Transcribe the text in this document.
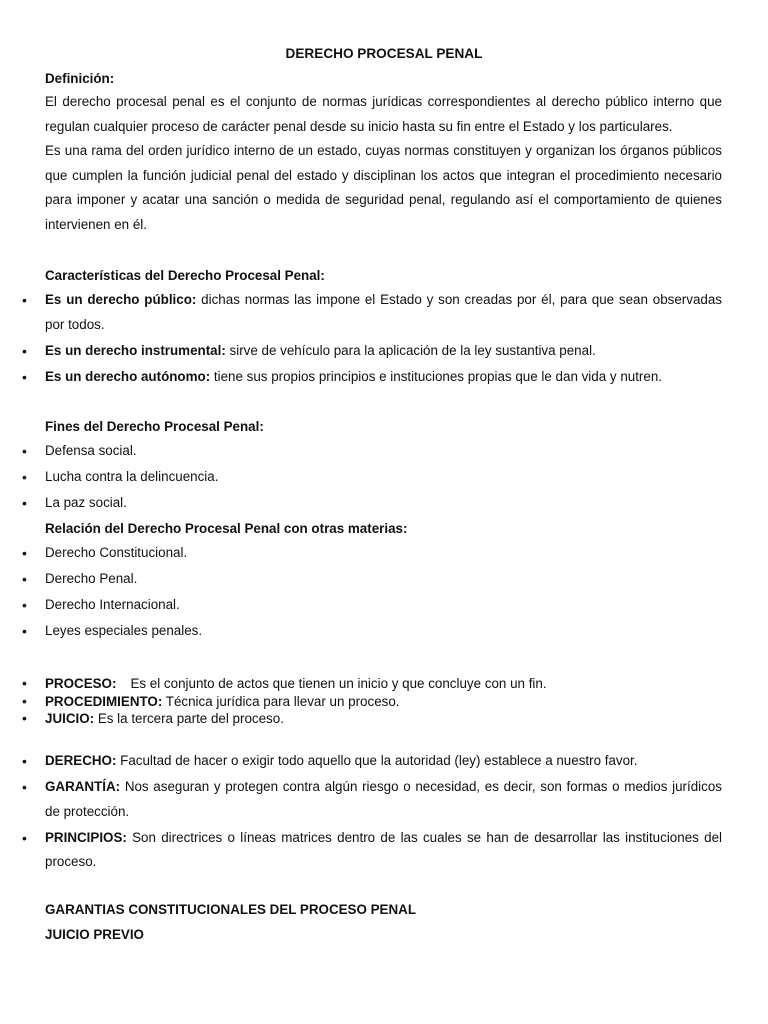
DERECHO PROCESAL PENAL
Definición:
El derecho procesal penal es el conjunto de normas jurídicas correspondientes al derecho público interno que regulan cualquier proceso de carácter penal desde su inicio hasta su fin entre el Estado y los particulares.
Es una rama del orden jurídico interno de un estado, cuyas normas constituyen y organizan los órganos públicos que cumplen la función judicial penal del estado y disciplinan los actos que integran el procedimiento necesario para imponer y acatar una sanción o medida de seguridad penal, regulando así el comportamiento de quienes intervienen en él.
Características del Derecho Procesal Penal:
• Es un derecho público: dichas normas las impone el Estado y son creadas por él, para que sean observadas por todos.
• Es un derecho instrumental: sirve de vehículo para la aplicación de la ley sustantiva penal.
• Es un derecho autónomo: tiene sus propios principios e instituciones propias que le dan vida y nutren.
Fines del Derecho Procesal Penal:
• Defensa social.
• Lucha contra la delincuencia.
• La paz social.
Relación del Derecho Procesal Penal con otras materias:
• Derecho Constitucional.
• Derecho Penal.
• Derecho Internacional.
• Leyes especiales penales.
• PROCESO: Es el conjunto de actos que tienen un inicio y que concluye con un fin.
• PROCEDIMIENTO: Técnica jurídica para llevar un proceso.
• JUICIO: Es la tercera parte del proceso.
• DERECHO: Facultad de hacer o exigir todo aquello que la autoridad (ley) establece a nuestro favor.
• GARANTÍA: Nos aseguran y protegen contra algún riesgo o necesidad, es decir, son formas o medios jurídicos de protección.
• PRINCIPIOS: Son directrices o líneas matrices dentro de las cuales se han de desarrollar las instituciones del proceso.
GARANTIAS CONSTITUCIONALES DEL PROCESO PENAL
JUICIO PREVIO
